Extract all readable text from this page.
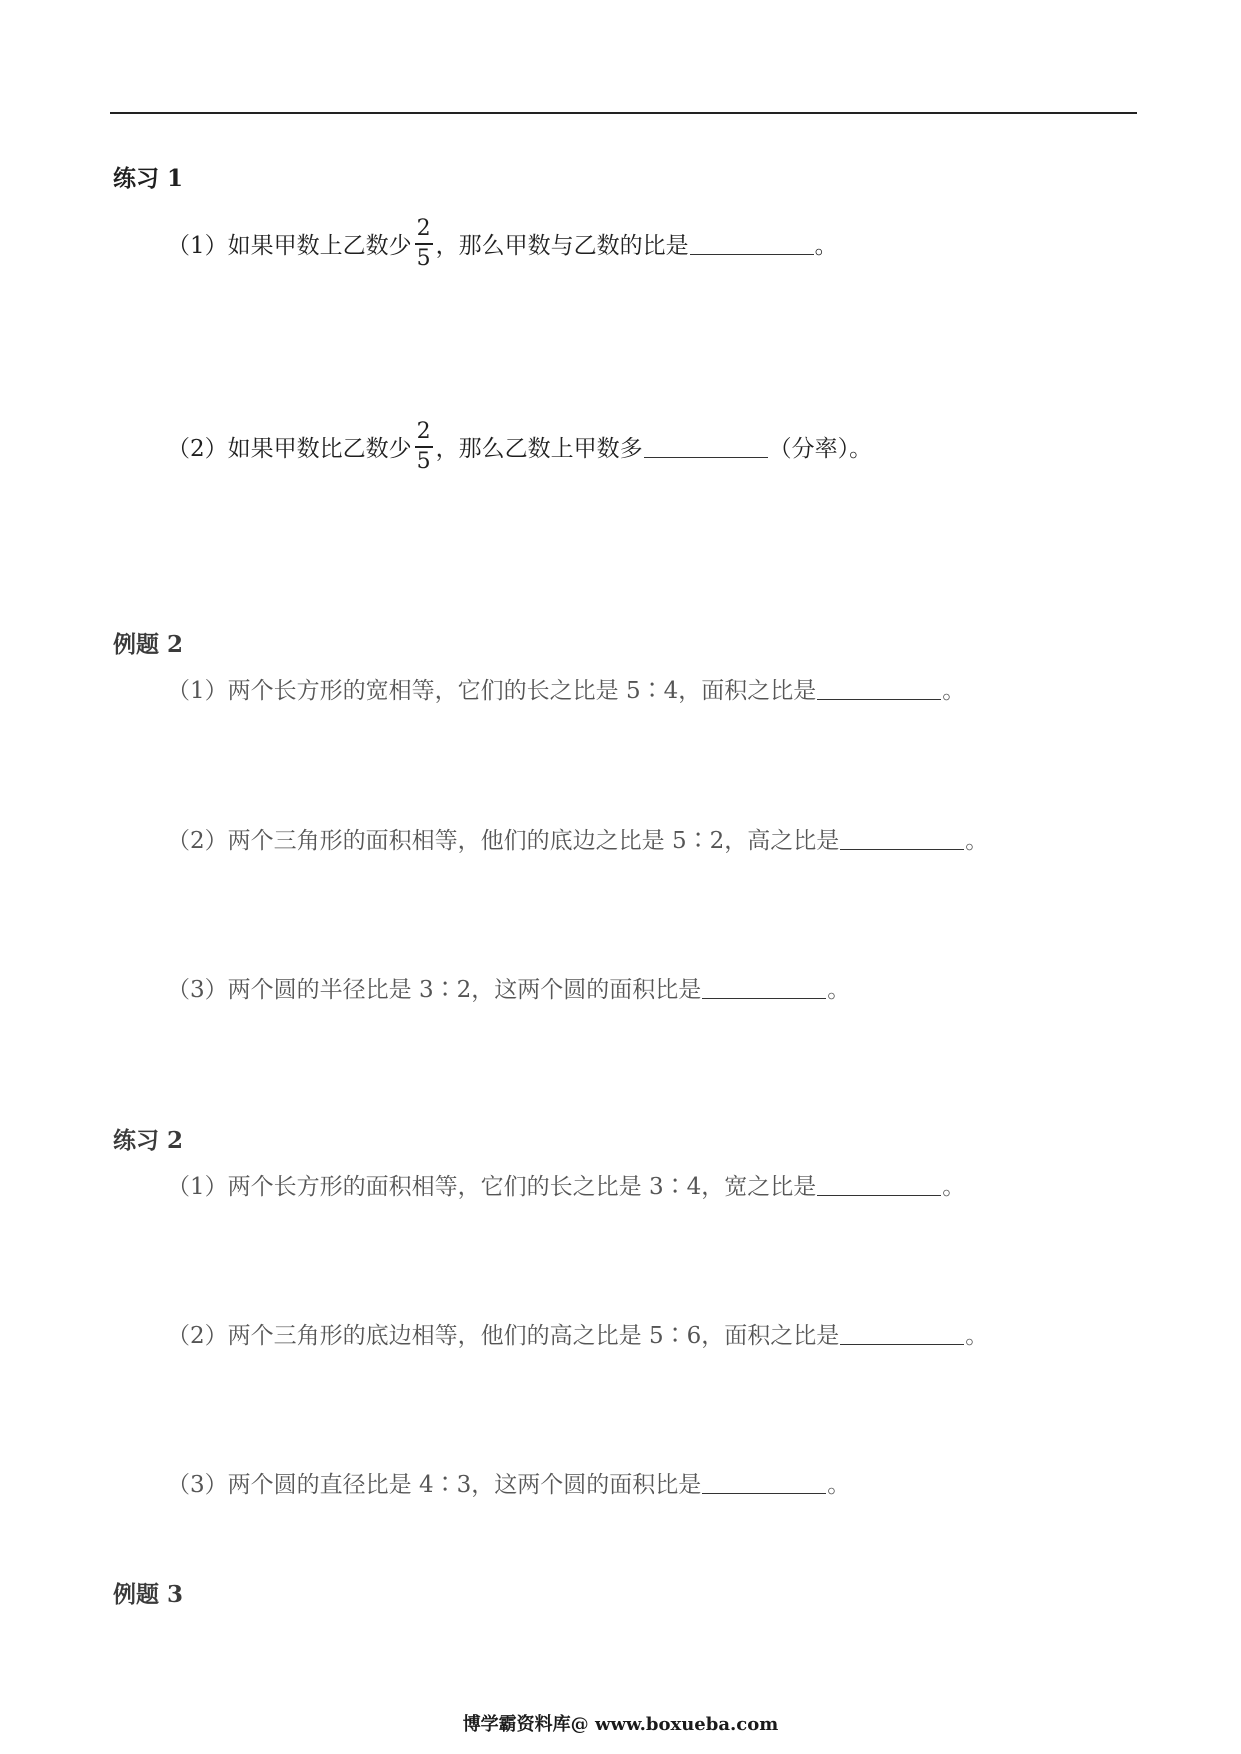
练习 1
（1） 如果甲数上乙数少 $\frac{2}{5}$ ，那么甲数与乙数的比是	。
（2） 如果甲数比乙数少 $\frac{2}{5}$ ，那么乙数上甲数多	（分率）。
例题 2
（1）两个长方形的宽相等，它们的长之比是 5∶4，面积之比是	。
（2）两个三角形的面积相等，他们的底边之比是 5∶2，高之比是	。
（3）两个圆的半径比是 3∶2，这两个圆的面积比是	。
练习 2
（1）两个长方形的面积相等，它们的长之比是 3∶4，宽之比是	。
（2）两个三角形的底边相等，他们的高之比是 5∶6，面积之比是	。
（3）两个圆的直径比是 4∶3，这两个圆的面积比是	。
例题 3
博学霸资料库@ www.boxueba.com
